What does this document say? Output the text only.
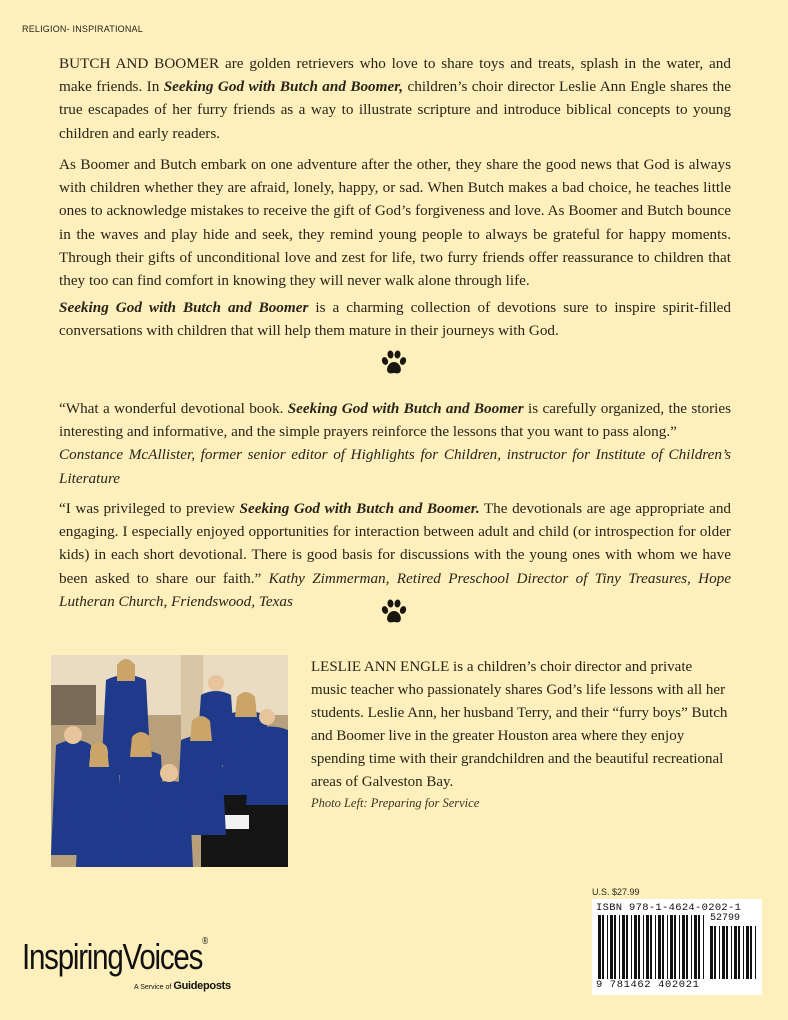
RELIGION- INSPIRATIONAL

BUTCH AND BOOMER are golden retrievers who love to share toys and treats, splash in the water, and make friends. In Seeking God with Butch and Boomer, children’s choir director Leslie Ann Engle shares the true escapades of her furry friends as a way to illustrate scripture and introduce biblical concepts to young children and early readers.

As Boomer and Butch embark on one adventure after the other, they share the good news that God is always with children whether they are afraid, lonely, happy, or sad. When Butch makes a bad choice, he teaches little ones to acknowledge mistakes to receive the gift of God’s forgiveness and love. As Boomer and Butch bounce in the waves and play hide and seek, they remind young people to always be grateful for happy moments. Through their gifts of unconditional love and zest for life, two furry friends offer reassurance to children that they too can find comfort in knowing they will never walk alone through life.

Seeking God with Butch and Boomer is a charming collection of devotions sure to inspire spirit-filled conversations with children that will help them mature in their journeys with God.

“What a wonderful devotional book. Seeking God with Butch and Boomer is carefully organized, the stories interesting and informative, and the simple prayers reinforce the lessons that you want to pass along.”
Constance McAllister, former senior editor of Highlights for Children, instructor for Institute of Children’s Literature

“I was privileged to preview Seeking God with Butch and Boomer. The devotionals are age appropriate and engaging. I especially enjoyed opportunities for interaction between adult and child (or introspection for older kids) in each short devotional. There is good basis for discussions with the young ones with whom we have been asked to share our faith.” Kathy Zimmerman, Retired Preschool Director of Tiny Treasures, Hope Lutheran Church, Friendswood, Texas

LESLIE ANN ENGLE is a children’s choir director and private music teacher who passionately shares God’s life lessons with all her students. Leslie Ann, her husband Terry, and their “furry boys” Butch and Boomer live in the greater Houston area where they enjoy spending time with their grandchildren and the beautiful recreational areas of Galveston Bay.

Photo Left: Preparing for Service
U.S. $27.99
ISBN 978-1-4624-0202-1
52799
9 781462 402021
InspiringVoices®
A Service of Guideposts
